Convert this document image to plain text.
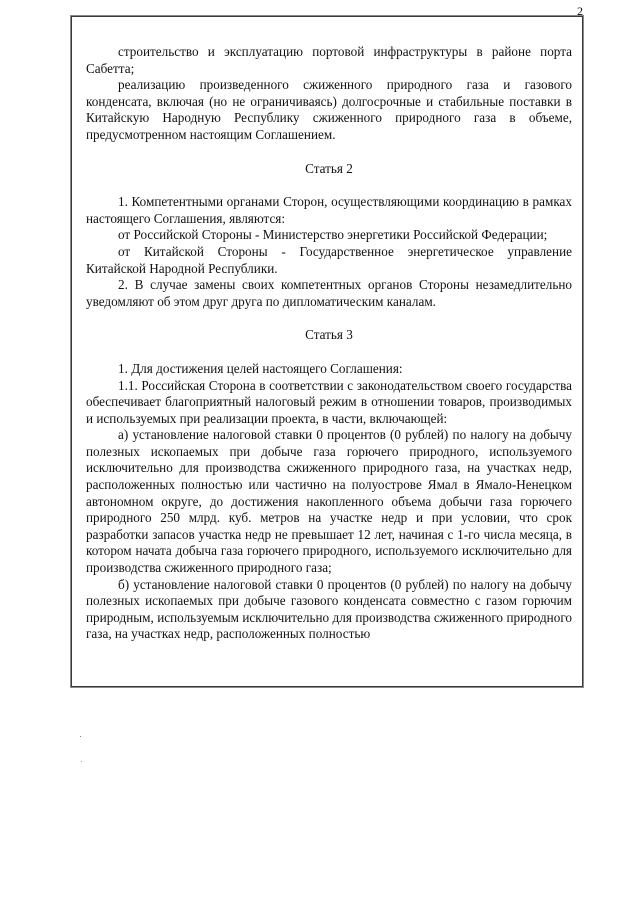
2

строительство и эксплуатацию портовой инфраструктуры в районе порта Сабетта;

реализацию произведенного сжиженного природного газа и газового конденсата, включая (но не ограничиваясь) долгосрочные и стабильные поставки в Китайскую Народную Республику сжиженного природного газа в объеме, предусмотренном настоящим Соглашением.

Статья 2

1. Компетентными органами Сторон, осуществляющими координацию в рамках настоящего Соглашения, являются:

от Российской Стороны - Министерство энергетики Российской Федерации;

от Китайской Стороны - Государственное энергетическое управление Китайской Народной Республики.

2. В случае замены своих компетентных органов Стороны незамедлительно уведомляют об этом друг друга по дипломатическим каналам.

Статья 3

1. Для достижения целей настоящего Соглашения:

1.1. Российская Сторона в соответствии с законодательством своего государства обеспечивает благоприятный налоговый режим в отношении товаров, производимых и используемых при реализации проекта, в части, включающей:

а) установление налоговой ставки 0 процентов (0 рублей) по налогу на добычу полезных ископаемых при добыче газа горючего природного, используемого исключительно для производства сжиженного природного газа, на участках недр, расположенных полностью или частично на полуострове Ямал в Ямало-Ненецком автономном округе, до достижения накопленного объема добычи газа горючего природного 250 млрд. куб. метров на участке недр и при условии, что срок разработки запасов участка недр не превышает 12 лет, начиная с 1-го числа месяца, в котором начата добыча газа горючего природного, используемого исключительно для производства сжиженного природного газа;

б) установление налоговой ставки 0 процентов (0 рублей) по налогу на добычу полезных ископаемых при добыче газового конденсата совместно с газом горючим природным, используемым исключительно для производства сжиженного природного газа, на участках недр, расположенных полностью
